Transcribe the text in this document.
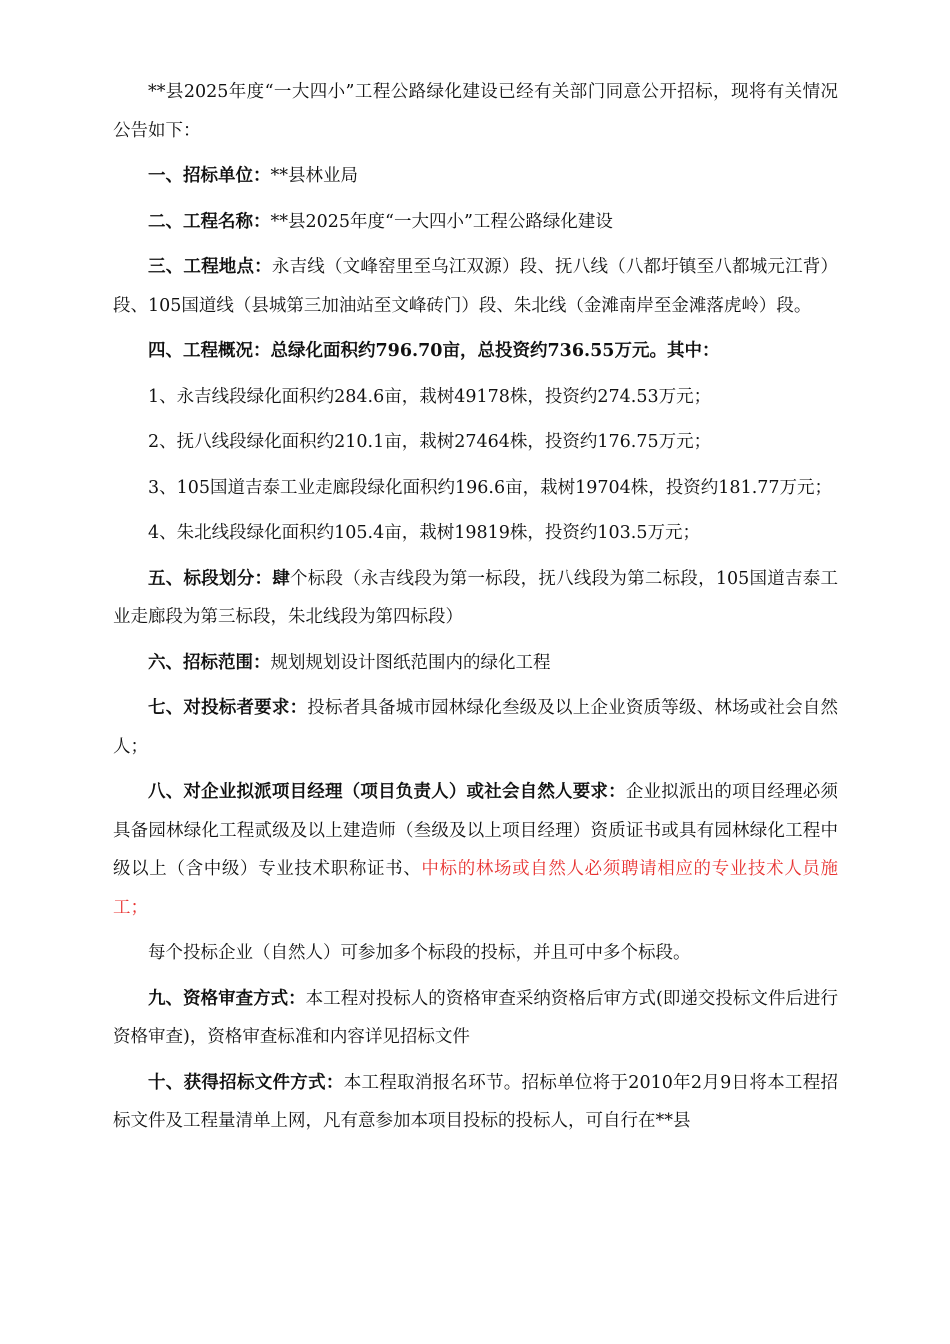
**县2025年度“一大四小”工程公路绿化建设已经有关部门同意公开招标，现将有关情况公告如下：

一、招标单位：**县林业局

二、工程名称：**县2025年度“一大四小”工程公路绿化建设

三、工程地点：永吉线（文峰窑里至乌江双源）段、抚八线（八都圩镇至八都城元江背）段、105国道线（县城第三加油站至文峰砖门）段、朱北线（金滩南岸至金滩落虎岭）段。

四、工程概况：总绿化面积约796.70亩，总投资约736.55万元。其中：

1、永吉线段绿化面积约284.6亩，栽树49178株，投资约274.53万元；

2、抚八线段绿化面积约210.1亩，栽树27464株，投资约176.75万元；

3、105国道吉泰工业走廊段绿化面积约196.6亩，栽树19704株，投资约181.77万元；

4、朱北线段绿化面积约105.4亩，栽树19819株，投资约103.5万元；

五、标段划分：肆个标段（永吉线段为第一标段，抚八线段为第二标段，105国道吉泰工业走廊段为第三标段，朱北线段为第四标段）

六、招标范围：规划规划设计图纸范围内的绿化工程

七、对投标者要求：投标者具备城市园林绿化叁级及以上企业资质等级、林场或社会自然人；

八、对企业拟派项目经理（项目负责人）或社会自然人要求：企业拟派出的项目经理必须具备园林绿化工程贰级及以上建造师（叁级及以上项目经理）资质证书或具有园林绿化工程中级以上（含中级）专业技术职称证书、中标的林场或自然人必须聘请相应的专业技术人员施工；

每个投标企业（自然人）可参加多个标段的投标，并且可中多个标段。

九、资格审查方式：本工程对投标人的资格审查采纳资格后审方式(即递交投标文件后进行资格审查)，资格审查标准和内容详见招标文件

十、获得招标文件方式：本工程取消报名环节。招标单位将于2010年2月9日将本工程招标文件及工程量清单上网，凡有意参加本项目投标的投标人，可自行在**县
